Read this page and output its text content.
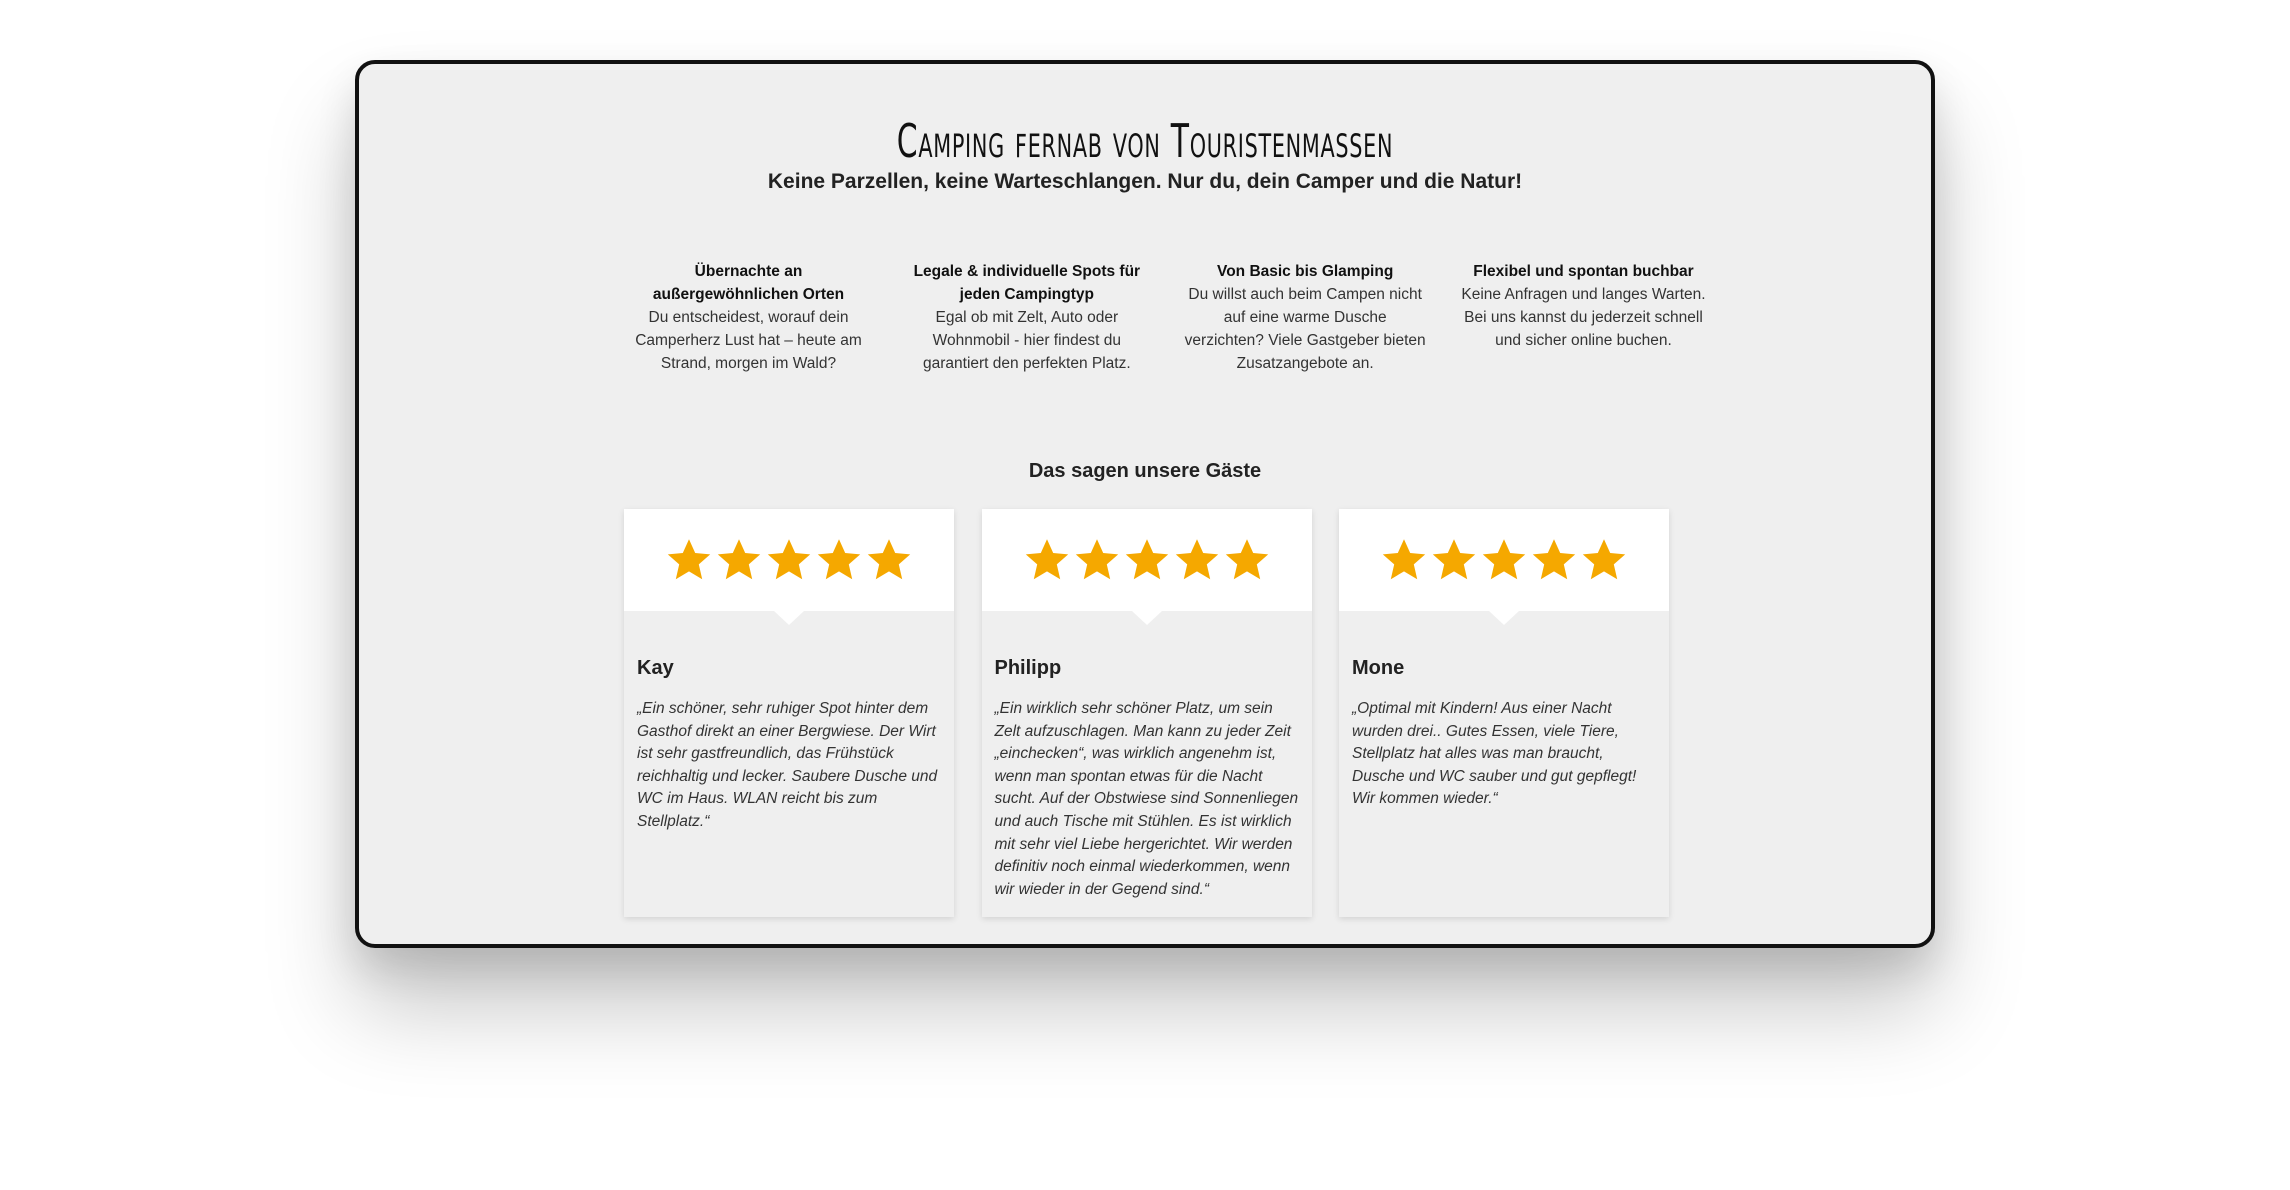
Camping fernab von Touristenmassen

Keine Parzellen, keine Warteschlangen. Nur du, dein Camper und die Natur!

Übernachte an außergewöhnlichen Orten
Du entscheidest, worauf dein Camperherz Lust hat – heute am Strand, morgen im Wald?
Legale & individuelle Spots für jeden Campingtyp
Egal ob mit Zelt, Auto oder Wohnmobil - hier findest du garantiert den perfekten Platz.
Von Basic bis Glamping
Du willst auch beim Campen nicht auf eine warme Dusche verzichten? Viele Gastgeber bieten Zusatzangebote an.
Flexibel und spontan buchbar
Keine Anfragen und langes Warten. Bei uns kannst du jederzeit schnell und sicher online buchen.
Das sagen unsere Gäste
Kay
„Ein schöner, sehr ruhiger Spot hinter dem Gasthof direkt an einer Bergwiese. Der Wirt ist sehr gastfreundlich, das Frühstück reichhaltig und lecker. Saubere Dusche und WC im Haus. WLAN reicht bis zum Stellplatz.“
Philipp
„Ein wirklich sehr schöner Platz, um sein Zelt aufzuschlagen. Man kann zu jeder Zeit „einchecken“, was wirklich angenehm ist, wenn man spontan etwas für die Nacht sucht. Auf der Obstwiese sind Sonnenliegen und auch Tische mit Stühlen. Es ist wirklich mit sehr viel Liebe hergerichtet. Wir werden definitiv noch einmal wiederkommen, wenn wir wieder in der Gegend sind.“
Mone
„Optimal mit Kindern! Aus einer Nacht wurden drei.. Gutes Essen, viele Tiere, Stellplatz hat alles was man braucht, Dusche und WC sauber und gut gepflegt! Wir kommen wieder.“
